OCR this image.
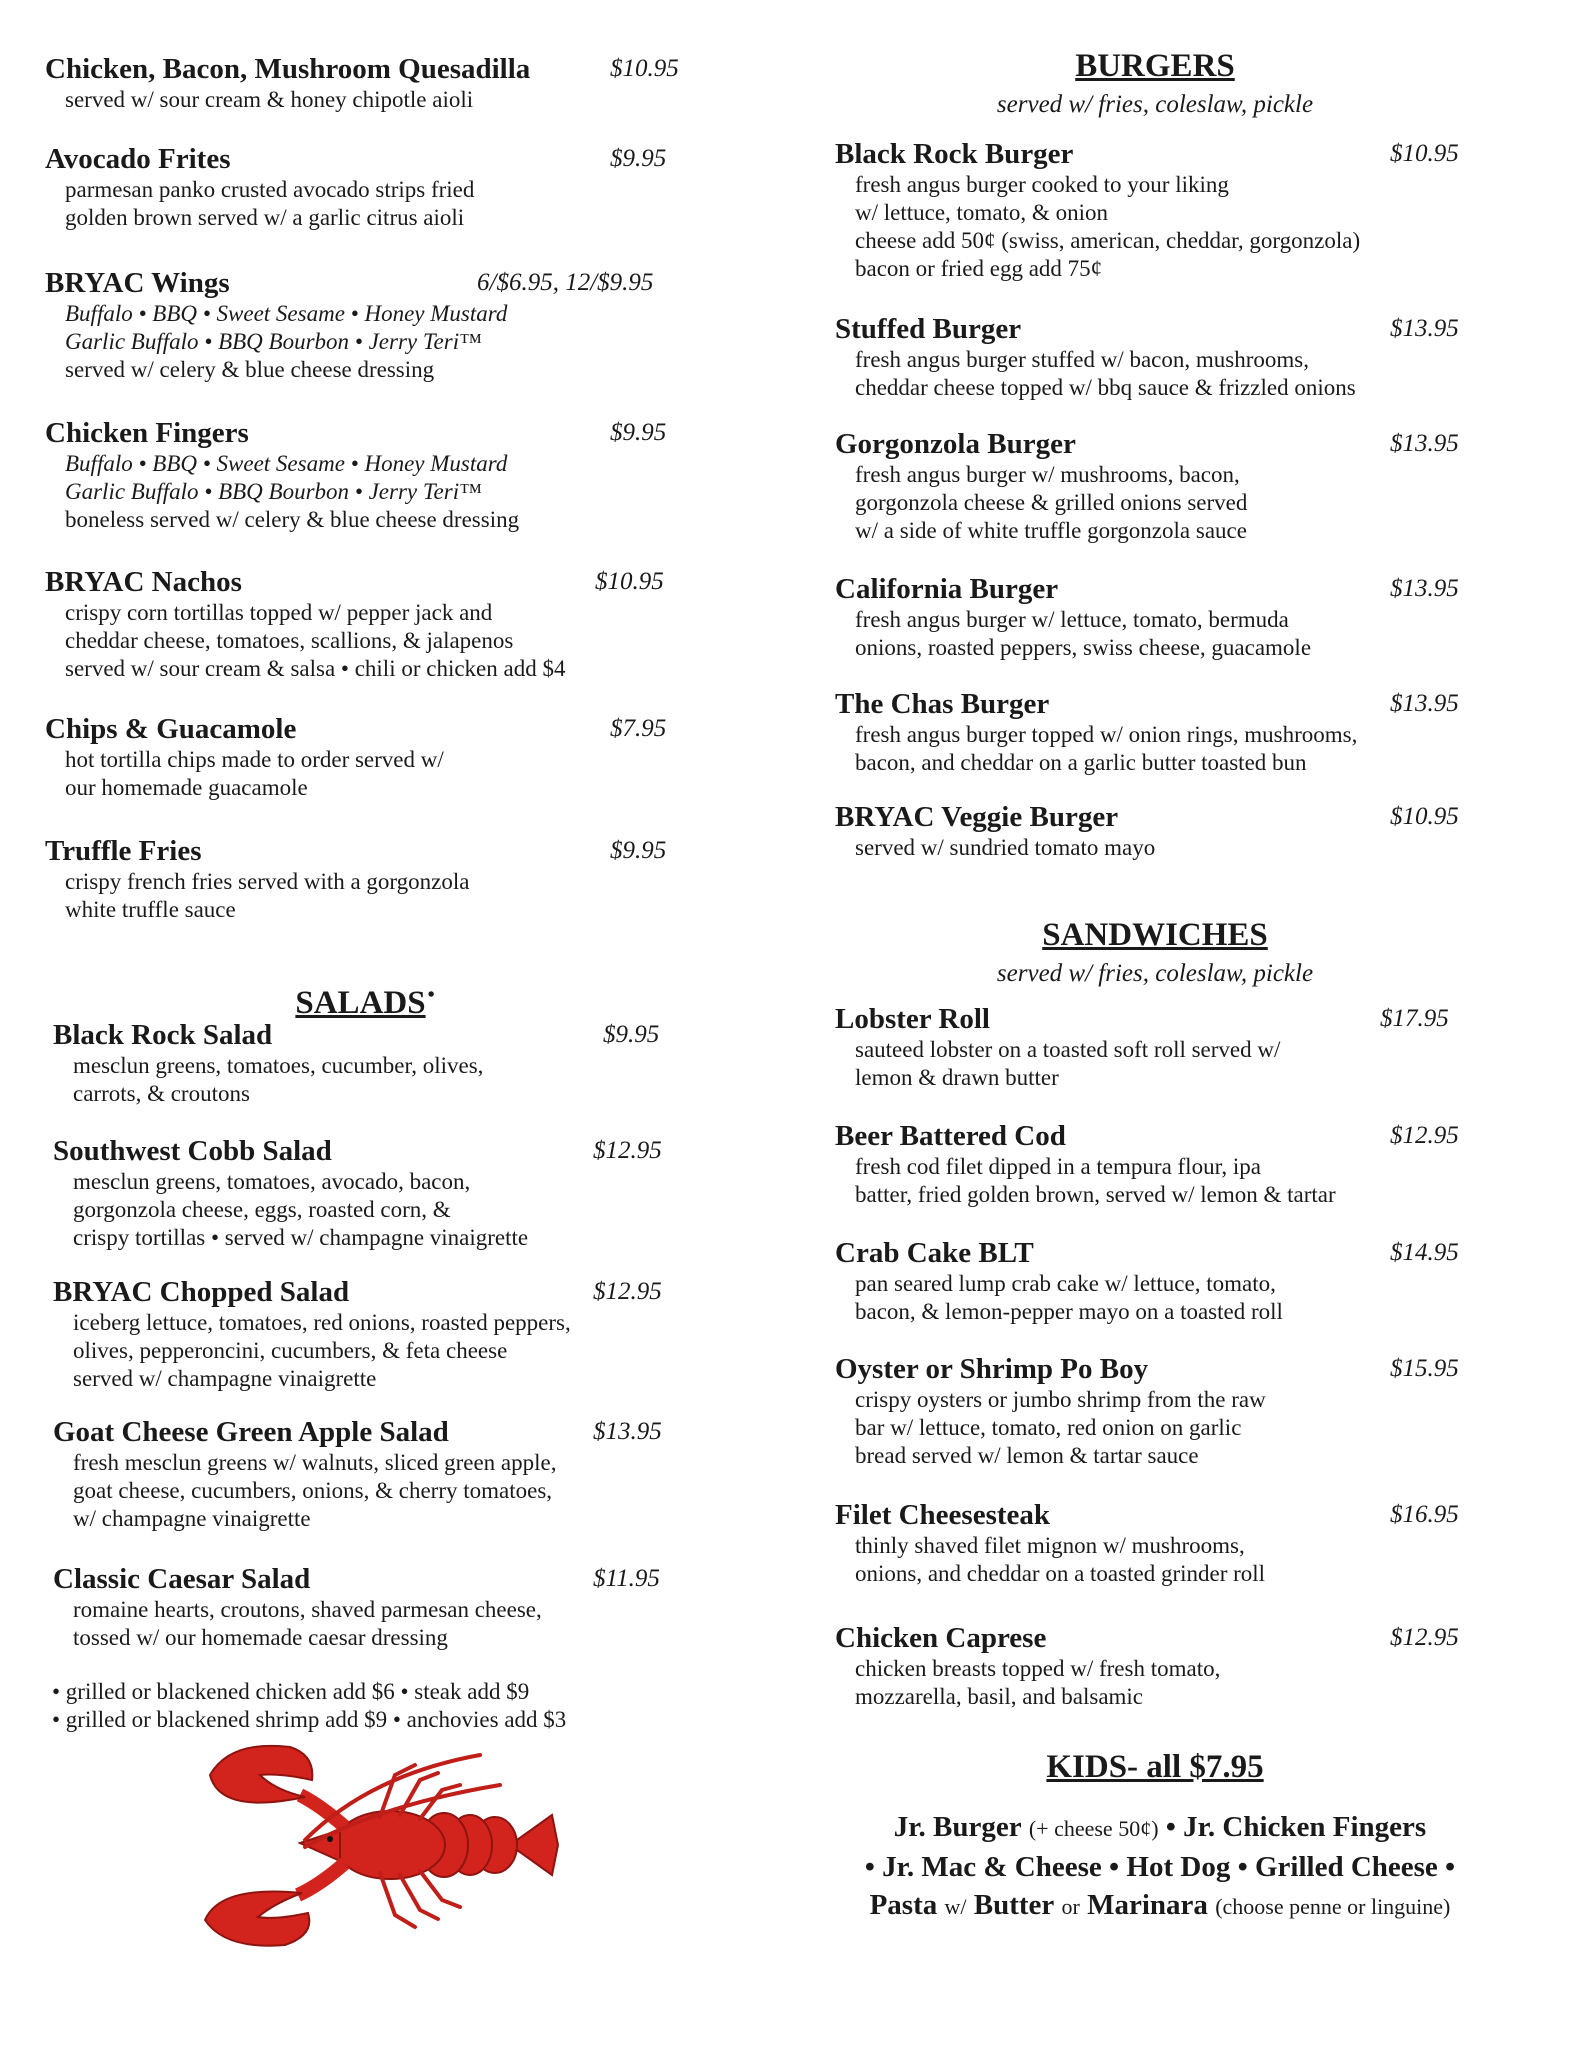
Chicken, Bacon, Mushroom Quesadilla	$10.95
served w/ sour cream & honey chipotle aioli
Avocado Frites	$9.95
parmesan panko crusted avocado strips fried
golden brown served w/ a garlic citrus aioli
BRYAC Wings	6/$6.95, 12/$9.95
Buffalo • BBQ • Sweet Sesame • Honey Mustard
Garlic Buffalo • BBQ Bourbon • Jerry Teri™
served w/ celery & blue cheese dressing
Chicken Fingers	$9.95
Buffalo • BBQ • Sweet Sesame • Honey Mustard
Garlic Buffalo • BBQ Bourbon • Jerry Teri™
boneless served w/ celery & blue cheese dressing
BRYAC Nachos	$10.95
crispy corn tortillas topped w/ pepper jack and
cheddar cheese, tomatoes, scallions, & jalapenos
served w/ sour cream & salsa • chili or chicken add $4
Chips & Guacamole	$7.95
hot tortilla chips made to order served w/
our homemade guacamole
Truffle Fries	$9.95
crispy french fries served with a gorgonzola
white truffle sauce
SALADS •
Black Rock Salad	$9.95
mesclun greens, tomatoes, cucumber, olives,
carrots, & croutons
Southwest Cobb Salad	$12.95
mesclun greens, tomatoes, avocado, bacon,
gorgonzola cheese, eggs, roasted corn, &
crispy tortillas • served w/ champagne vinaigrette
BRYAC Chopped Salad	$12.95
iceberg lettuce, tomatoes, red onions, roasted peppers,
olives, pepperoncini, cucumbers, & feta cheese
served w/ champagne vinaigrette
Goat Cheese Green Apple Salad	$13.95
fresh mesclun greens w/ walnuts, sliced green apple,
goat cheese, cucumbers, onions, & cherry tomatoes,
w/ champagne vinaigrette
Classic Caesar Salad	$11.95
romaine hearts, croutons, shaved parmesan cheese,
tossed w/ our homemade caesar dressing
• grilled or blackened chicken add $6 • steak add $9
• grilled or blackened shrimp add $9 • anchovies add $3
BURGERS
served w/ fries, coleslaw, pickle
Black Rock Burger	$10.95
fresh angus burger cooked to your liking
w/ lettuce, tomato, & onion
cheese add 50¢ (swiss, american, cheddar, gorgonzola)
bacon or fried egg add 75¢
Stuffed Burger	$13.95
fresh angus burger stuffed w/ bacon, mushrooms,
cheddar cheese topped w/ bbq sauce & frizzled onions
Gorgonzola Burger	$13.95
fresh angus burger w/ mushrooms, bacon,
gorgonzola cheese & grilled onions served
w/ a side of white truffle gorgonzola sauce
California Burger	$13.95
fresh angus burger w/ lettuce, tomato, bermuda
onions, roasted peppers, swiss cheese, guacamole
The Chas Burger	$13.95
fresh angus burger topped w/ onion rings, mushrooms,
bacon, and cheddar on a garlic butter toasted bun
BRYAC Veggie Burger	$10.95
served w/ sundried tomato mayo
SANDWICHES
served w/ fries, coleslaw, pickle
Lobster Roll	$17.95
sauteed lobster on a toasted soft roll served w/
lemon & drawn butter
Beer Battered Cod	$12.95
fresh cod filet dipped in a tempura flour, ipa
batter, fried golden brown, served w/ lemon & tartar
Crab Cake BLT	$14.95
pan seared lump crab cake w/ lettuce, tomato,
bacon, & lemon-pepper mayo on a toasted roll
Oyster or Shrimp Po Boy	$15.95
crispy oysters or jumbo shrimp from the raw
bar w/ lettuce, tomato, red onion on garlic
bread served w/ lemon & tartar sauce
Filet Cheesesteak	$16.95
thinly shaved filet mignon w/ mushrooms,
onions, and cheddar on a toasted grinder roll
Chicken Caprese	$12.95
chicken breasts topped w/ fresh tomato,
mozzarella, basil, and balsamic
KIDS- all $7.95
Jr. Burger (+ cheese 50¢) • Jr. Chicken Fingers
• Jr. Mac & Cheese • Hot Dog • Grilled Cheese •
Pasta w/ Butter or Marinara (choose penne or linguine)
